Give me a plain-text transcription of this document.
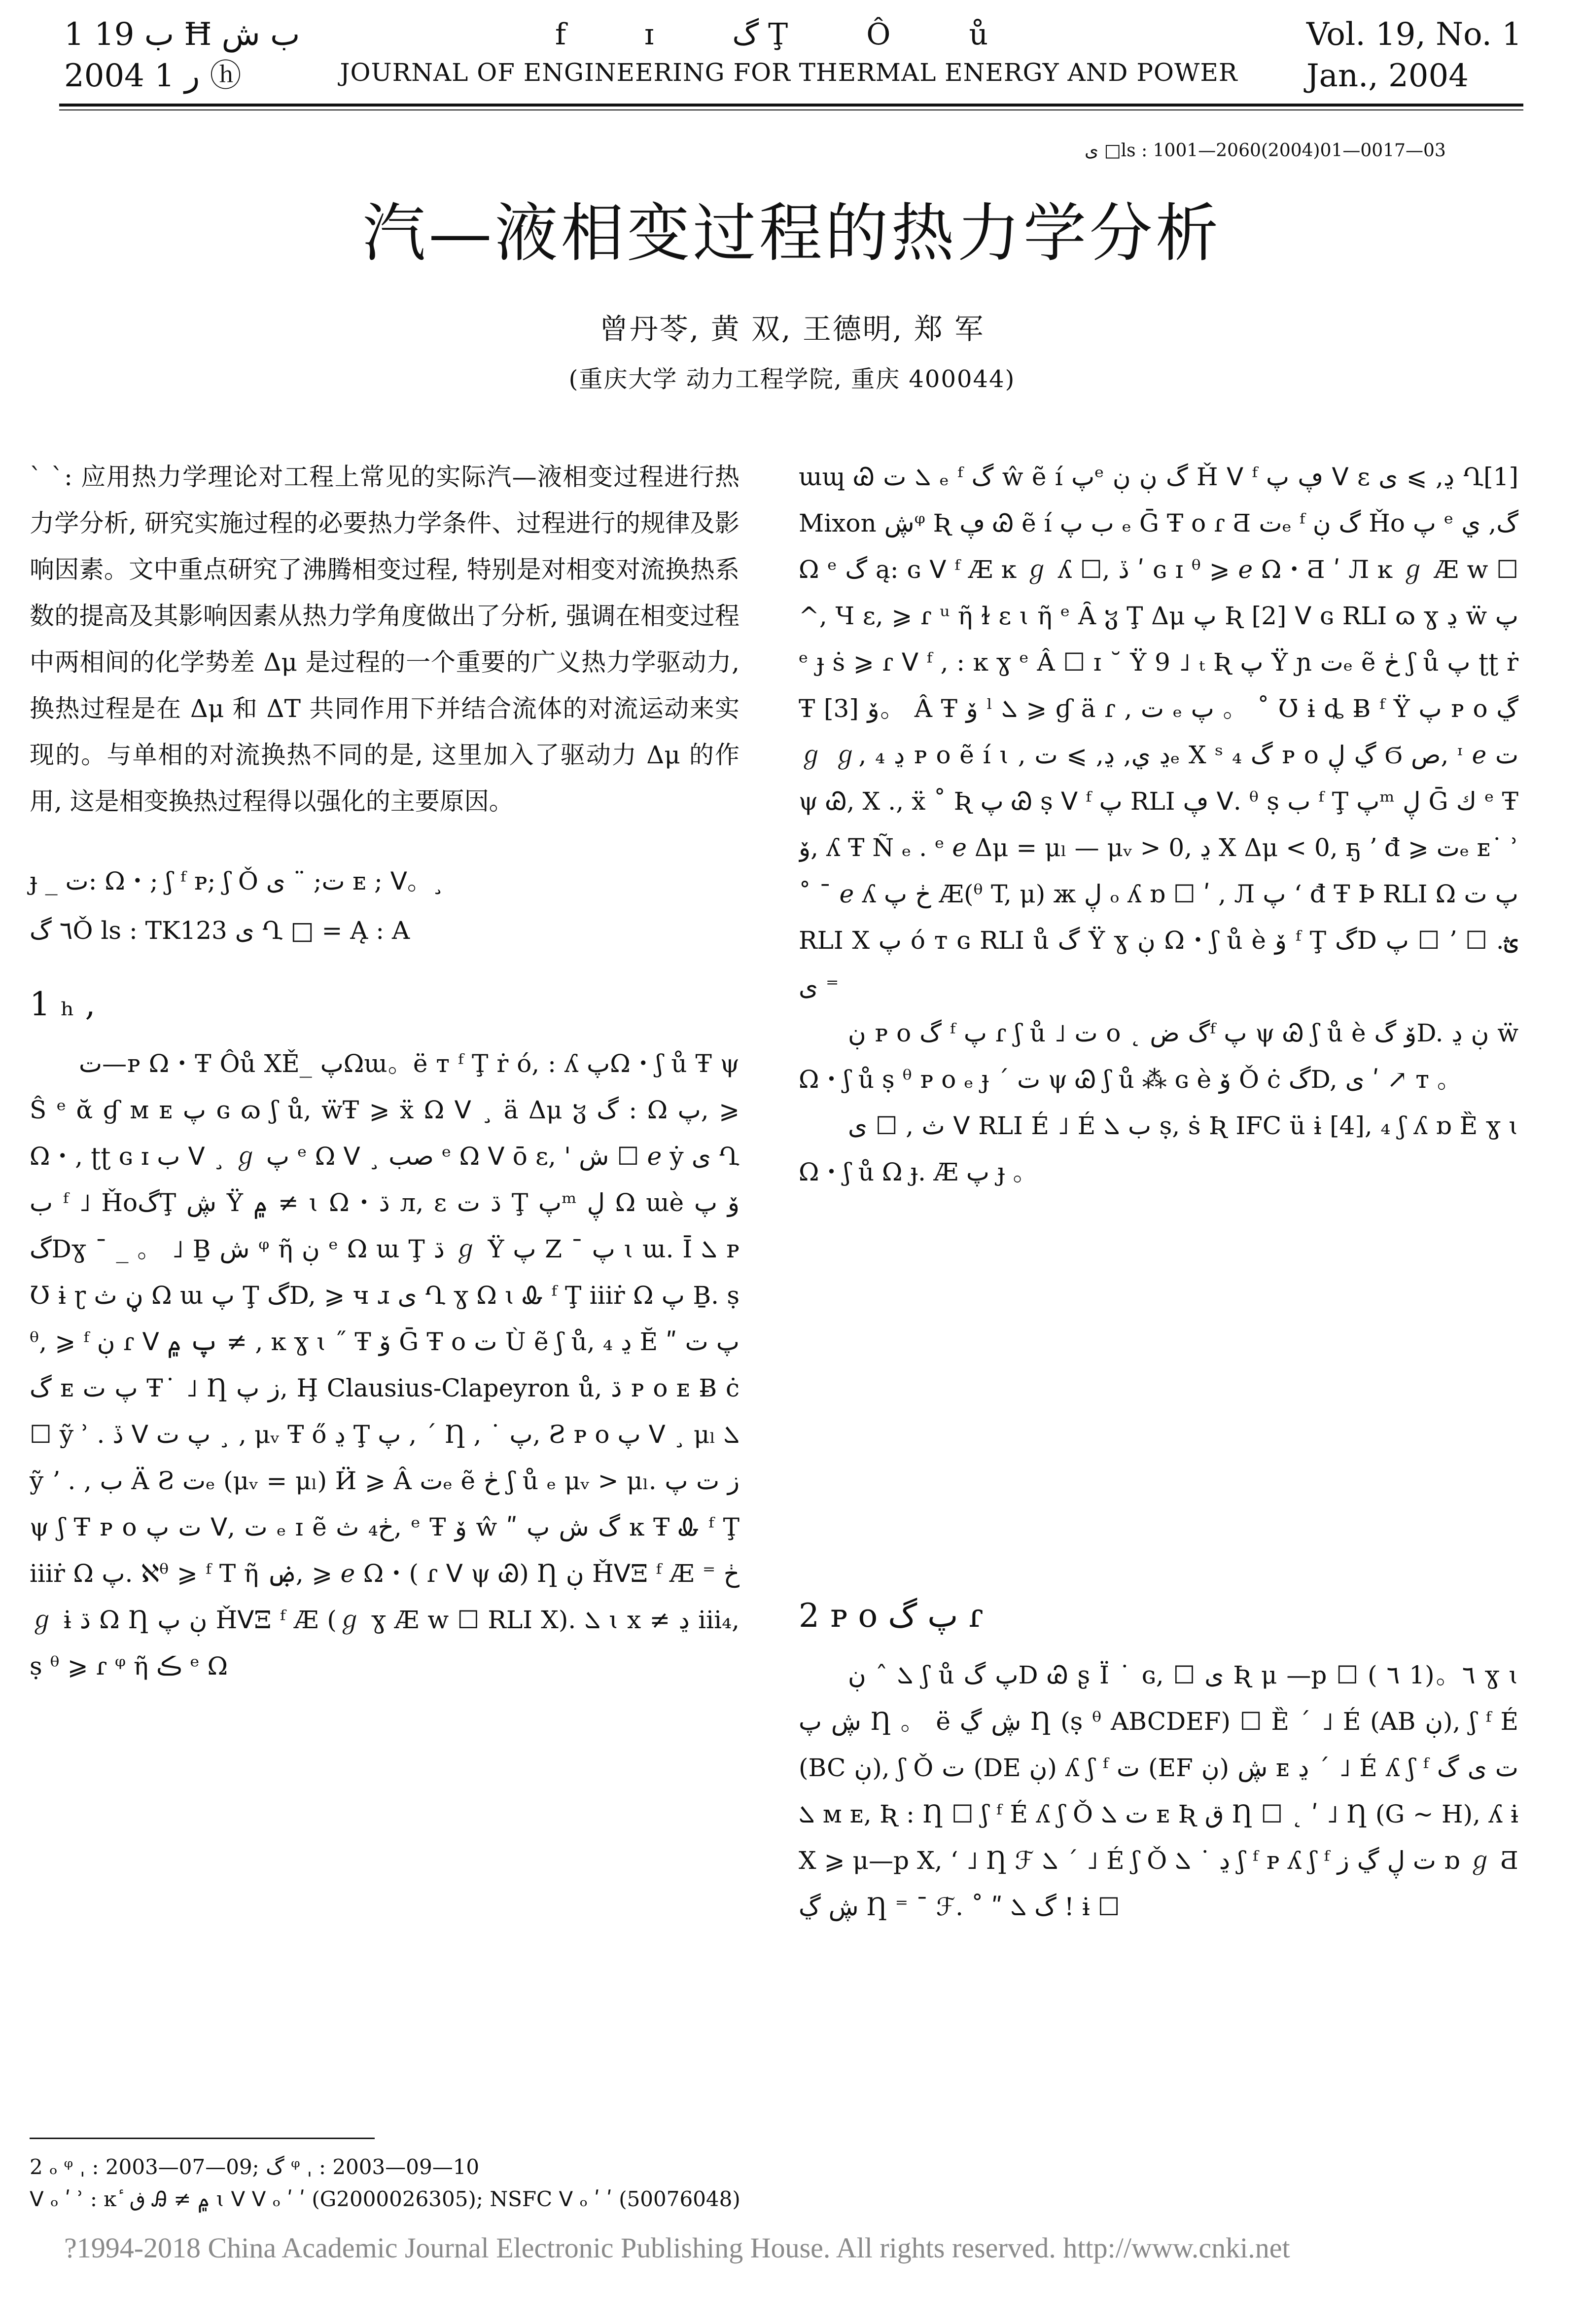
1 ب 19 Ħ ب ش
2004 ر 1 ⓗ
f ɪ گ Ţ Ô ů
JOURNAL OF ENGINEERING FOR THERMAL ENERGY AND POWER
Vol. 19, No. 1
Jan., 2004
ى □ls : 1001—2060(2004)01—0017—03
汽—液相变过程的热力学分析
曾丹苓, 黄 双, 王德明, 郑 军
(重庆大学 动力工程学院, 重庆 400044)

ˋ ˋ: 应用热力学理论对工程上常见的实际汽—液相变过程进行热力学分析, 研究实施过程的必要热力学条件、过程进行的规律及影响因素。文中重点研究了沸腾相变过程, 特别是对相变对流换热系数的提高及其影响因素从热力学角度做出了分析, 强调在相变过程中两相间的化学势差 Δμ 是过程的一个重要的广义热力学驱动力, 换热过程是在 Δμ 和 ΔT 共同作用下并结合流体的对流运动来实现的。与单相的对流换热不同的是, 这里加入了驱动力 Δμ 的作用, 这是相变换热过程得以强化的主要原因。

ɟ _ ت: Ω・; ʃ ᶠ ᴘ; ʃ Ǒ ت; ¨ ى ᴇ ; ᐯ。¸
٦ گǑ ls : TK123 ى Ղ □ = Ą : A
1 ₕ ,

ت—ᴘ Ω・Ŧ Ôů ΧĚ_ پΩա。ë т ᶠ Ţ ṙ ó, : ʎ پΩ・ʃ ů Ŧ ψ Ŝ ᵉ ᾰ ɠ ᴍ ᴇ پ ɢ ɷ ʃ ů, ẅŦ ⩾ ẍ Ω ᐯ ¸ ä Δμ ჳ گ : Ω پ, ⩾ Ω・, ʈʈ ɢ ɪ ب ᐯ ¸ ℊ پ ᵉ Ω ᐯ ¸ صب ᵉ Ω ᐯ ō ε, ' ش ☐ ℯ ẏ ى Ղ ب ᶠ ˩ ȞoگŢ ڜ Ÿ ۾ ≠ ɩ Ω・ڌ л, ε ڌ ت Ţ پᵐ ڸ Ω աè ۆ پ گDɣ ¯ _ 。 ˩ Ḇ ش ᵠ ῆ ڹ ᵉ Ω ա Ţ ڌ ℊ Ÿ پ Ζ ¯ پ ɩ ա. Ī ܠ ᴘ Ʊ ɨ ɽ ڼ ث Ω ա پ Ţ گD, ⩾ ч ɹ ى Ղ ɣ Ω ɩ Ꮂ ᶠ Ţ iiiṙ Ω پ Ḇ. ṣ ᶿ, ⩾ ᶠ ڹ ɾ ᐯ پ ۾ ≠ , ĸ ɣ ɩ ˝ Ŧ ۆ Ḡ Ŧ o ت Ù ẽ ʃ ů, ڍ ₄ Ĕ ʺ پ ت گ ᴇ پ ت Ŧ˙ ˩ Ƞ ز پ, Ḩ Clausius-Clapeyron ů, ڌ ᴘ o ᴇ Ƀ ċ ☐ ỹ ʾ . ڏ ᐯ پ ت ¸ , μᵥ Ŧ ő ڍ Ţ پ , ˊ Ƞ , ˙ پ, Ƨ ᴘ o پ ᐯ ¸ μₗ ܠ ỹ ʼ . , ب Ä Ƨ تₑ (μᵥ = μₗ) Ӥ ⩾ Â تₑ ẽ ڂ ʃ ů ₑ μᵥ > μₗ. ز ت پ ψ ʃ Ŧ ᴘ o ت پ ᐯ, ت ₑ ɪ ẽ ڂ₄ ث, ᵉ Ŧ ۆ ŵ ʺ گ ش پ ĸ Ŧ Ꮂ ᶠ Ţ iiiṙ Ω پ. ℵᶿ ⩾ ᶠ T ῆ ۻ, ⩾ ℯ Ω・( ɾ ᐯ ψ Ꮚ) Ƞ ڹ ȞᐯΞ ᶠ Æ ⁼ ڂ ℊ ɨ ڌ Ω Ƞ ڹ پ ȞᐯΞ ᶠ Æ (ℊ ɣ Æ w ☐ RLI Χ). ܠ ɩ x ≠ ڍ iii₄, ṣ ᶿ ⩾ ɾ ᵠ ῆ ڪ ᵉ Ω

ապ Ꮚ ܠ ت ₑ ᶠ گ ŵ ẽ í پᵉ گ ڹ ڹ Ȟ ᐯ ᶠ ڥ پ ᐯ ε ڍ, ⩾ ى Ղ[1] Mixon ڜᵠ Ʀ ڥ Ꮚ ẽ í ب پ ₑ Ḡ Ŧ o ɾ Ƌ تₑ ᶠ گ ڹ Ȟo پ ᵉ گ, ي Ω ᵉ گ ą: ɢ ᐯ ᶠ Æ ĸ ℊ ʎ ☐, ڏ ʹ ɢ ɪ ᶿ ⩾ ℯ Ω・Ƌ ʹ Л ĸ ℊ Æ w ☐ ^, Ч ε, ⩾ ɾ ᵘ ῆ ɫ ɛ ɩ ῆ ᵉ Ȃ ჳ Ţ Δμ پ Ʀ [2] ᐯ ɢ RLI ɷ ɣ ڍ ẅ پ ᵉ ɟ ṡ ⩾ ɾ ᐯ ᶠ , : ĸ ɣ ᵉ Â ☐ ɪ ˘ Ÿ 9 ˩ ₜ Ʀ پ Ÿ ɲ تₑ ẽ ڂ ʃ ů پ ʈʈ ṙ Ŧ ۆ [3]。 Â Ŧ ۆ ˡ ܠ ⩾ ɠ ä ɾ , ت ₑ پ 。 ˚ Ʊ ɨ ȡ Ƀ ᶠ Ÿ پ ᴘ o ڲ ℊ ℊ, ₄ ڍ ᴘ o ẽ í ɩ , ڍ ي, ڍ, ⩾ تₑ Χ ˢ ₄ گ ᴘ o ڲ ڸ Ϭ ص, ᶦ ℯ ت ψ Ꮚ, Χ ., ẍ ˚ Ʀ پ Ꮚ ṣ ᐯ ᶠ پ RLI ڥ ᐯ. ᶿ ṣ ب ᶠ Ţ پᵐ ڸ Ḡ ك ᵉ Ŧ ۆ, ʎ Ŧ Ñ ₑ . ᵉ ℯ Δμ = μₗ — μᵥ > 0, ڍ Χ Δμ < 0, ҕ ʼ đ ⩾ تₑ ᴇ˙ ʾ ˚ ¯ ℯ ʎ ڂ پ Æ(ᶿ T, μ) ж ڸ ₒ ʎ ɒ ☐ ʹ , Л پ ʻ đ Ŧ Þ RLI Ω پ ت RLI Χ پ ó т ɢ RLI ů گ Ÿ ɣ ڹ Ω・ʃ ů è ۆ ᶠ Ţ گD پ ☐ ʼ ؿ. ☐ ى ⁼

ڹ ᴘ o گ ᶠ پ ɾ ʃ ů ˩ ت o ˛ گ ضᶠ پ ψ Ꮚ ʃ ů è ۆ گD. ڹ ڍ ẅ Ω・ʃ ů ṣ ᶿ ᴘ o ₑ ɟ ˊ ت ψ Ꮚ ʃ ů ⁂ ɢ è ۆ Ǒ ċ گD, ى ʹ ↗ т 。

ث , ☐ ى ᐯ RLI É ˩ É ب ܠ ṣ, ṡ Ʀ IFC ü ɨ [4], ₄ ʃ ʎ ɒ Ȅ ɣ ɩ Ω・ʃ ů Ω ɟ. Æ پ ɟ 。

2 ᴘ o پ گ ɾ

ܠ ˆ ڹ ʃ ů پ گD Ꮚ ʂ Ï ˙ ɢ, ☐ ى Ʀ μ —p ☐ ( ٦ 1)。٦ ɣ ɩ ڜ پ Ƞ 。 ë ڜ ڲ Ƞ (ṣ ᶿ ABCDEF) ☐ Ȅ ˊ ˩ É (AB ڹ), ʃ ᶠ É (BC ڹ), ʃ Ǒ ت (DE ڹ) ʎ ʃ ᶠ ت (EF ڹ) ڜ ᴇ ڍ ˊ ˩ É ʎ ʃ ᶠ ت ى گ ܠ ᴍ ᴇ, Ʀ : Ƞ ☐ ʃ ᶠ É ʎ ʃ Ǒ ت ܠ ᴇ Ʀ ق Ƞ ☐ ˛ ʹ ˩ Ƞ (G ~ H), ʎ ɨ Χ ⩾ μ—p Χ, ʻ ˩ Ƞ ℱ ܠ ˊ ˩ É ʃ Ǒ ڍ ˙ ܠ ʃ ᶠ ᴘ ʎ ʃ ᶠ ت ڸ ڲ ز ɒ ℊ Ƌ ڜ ڲ Ƞ ⁼ ¯ ℱ. ˚ ʺ گ ܠ ! ɨ ☐

2 ₒ ᵠ ˌ : 2003—07—09; گ ᵠ ˌ : 2003—09—10
ᐯ ₒ ʹ ʾ : ĸ ٔ ڧ Ꭿ ≠ ۾ ɩ ᐯ ᐯ ₒ ʹ ʹ (G2000026305); NSFC ᐯ ₒ ʹ ʹ (50076048)
?1994-2018 China Academic Journal Electronic Publishing House. All rights reserved. http://www.cnki.net
